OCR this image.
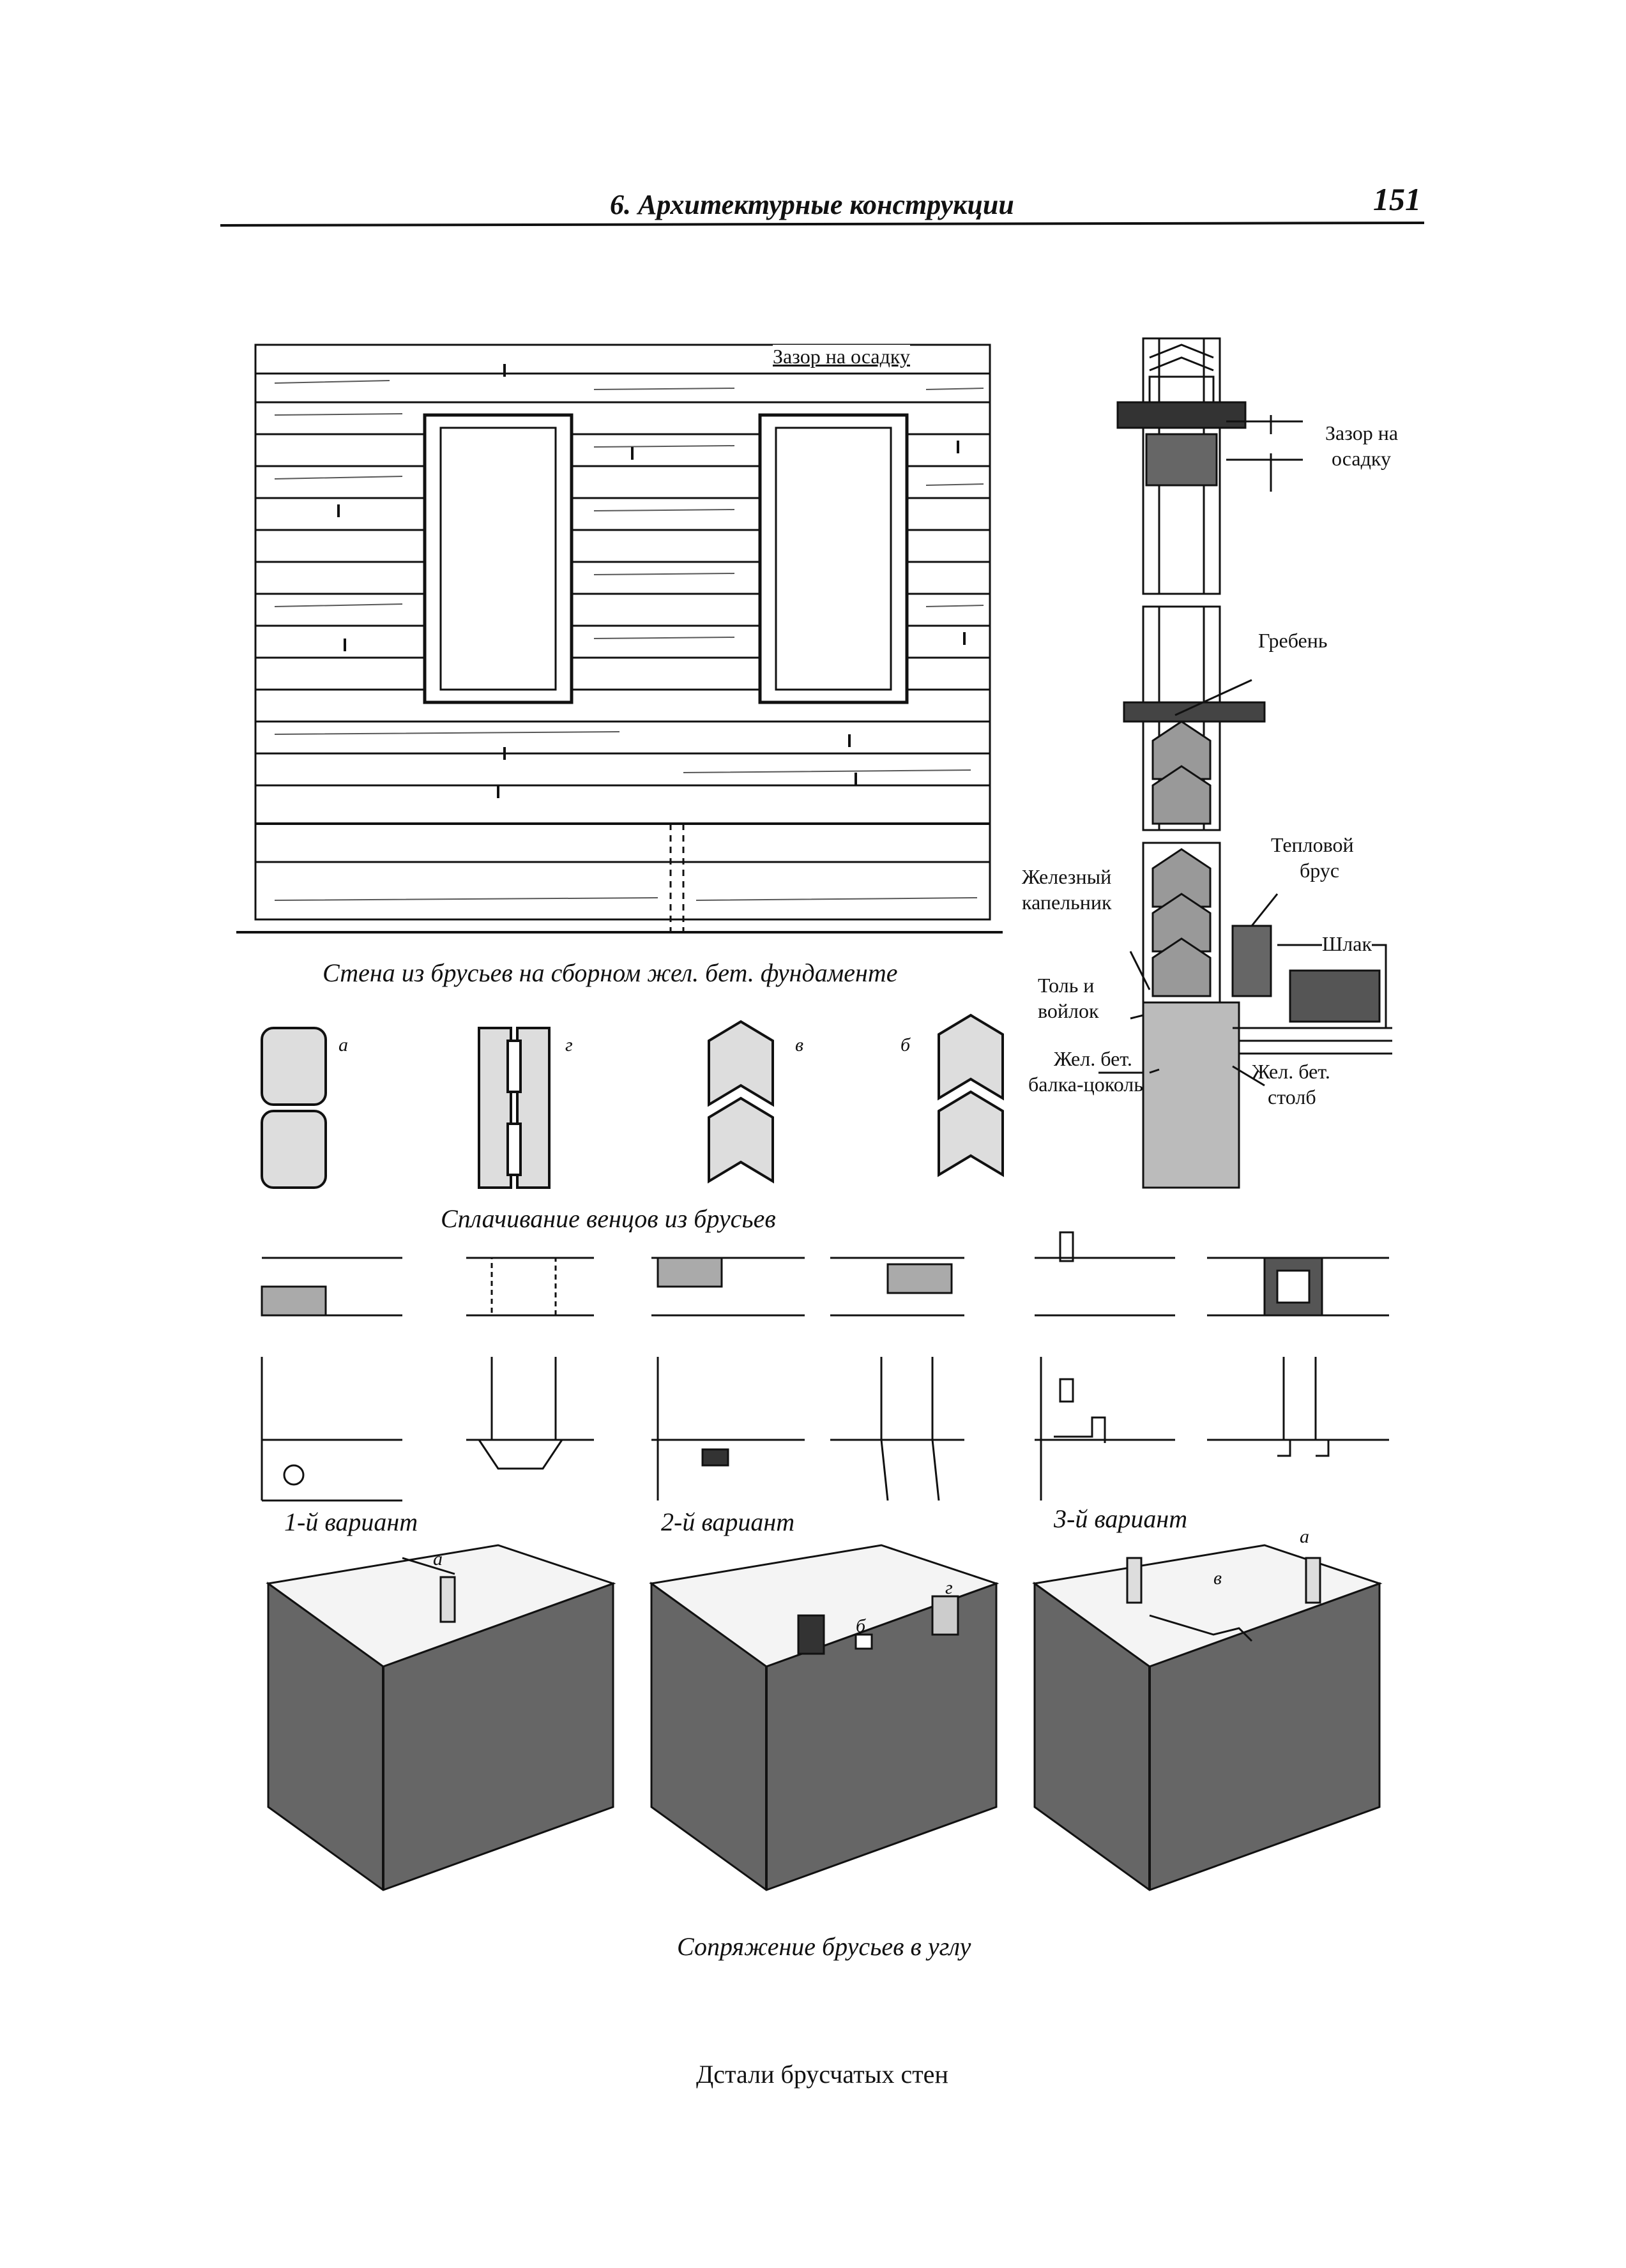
6. Архитектурные конструкции	151
Зазор на осадку
Стена из брусьев на сборном жел. бет. фундаменте
Зазор на
осадку
Гребень
Тепловой
брус
Железный
капельник
Шлак
Толь и
войлок
Жел. бет.
балка-цоколь
Жел. бет.
столб
а	г	в	б
Сплачивание венцов из брусьев
1-й вариант	2-й вариант	3-й вариант
а
б
г	в
а
Сопряжение брусьев в углу
Дстали брусчатых стен
